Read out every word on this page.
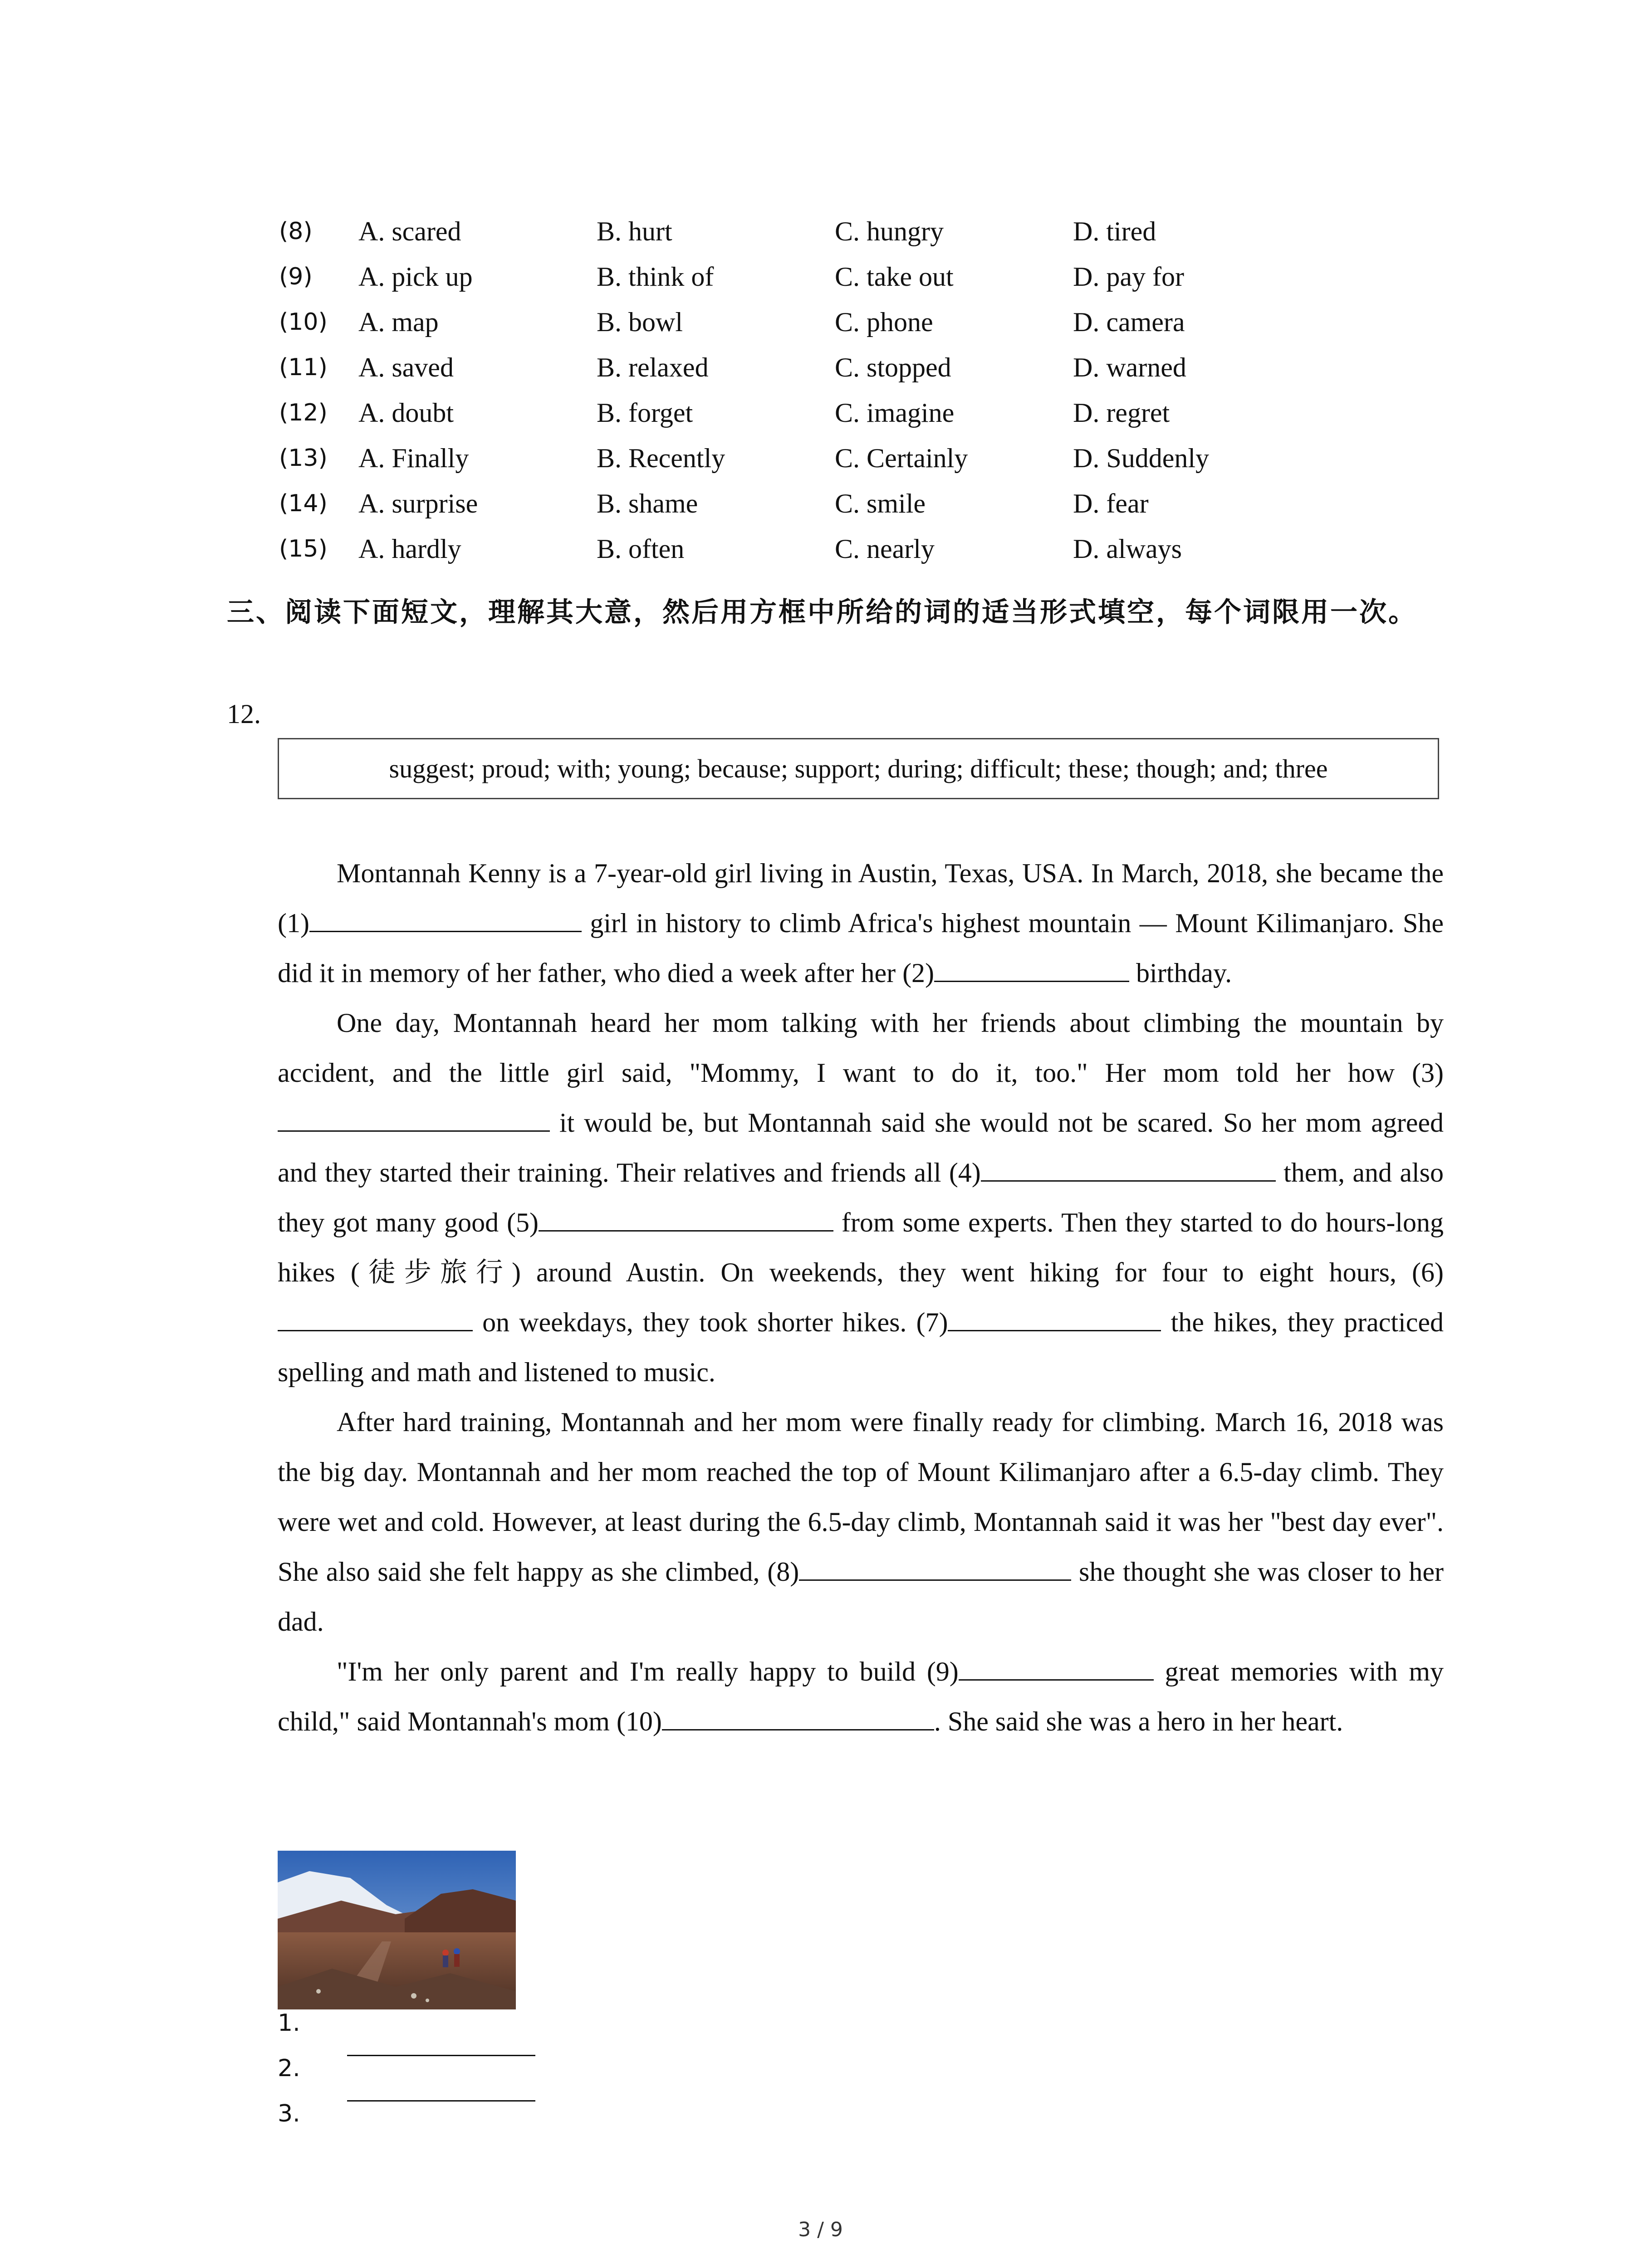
(8) A. scared	B. hurt	C. hungry	D. tired
(9) A. pick up	B. think of	C. take out	D. pay for
(10) A. map	B. bowl	C. phone	D. camera
(11) A. saved	B. relaxed	C. stopped	D. warned
(12) A. doubt	B. forget	C. imagine	D. regret
(13) A. Finally	B. Recently	C. Certainly	D. Suddenly
(14) A. surprise	B. shame	C. smile	D. fear
(15) A. hardly	B. often	C. nearly	D. always
三、阅读下面短文，理解其大意，然后用方框中所给的词的适当形式填空，每个词限用一次。
12.
suggest; proud; with; young; because; support; during; difficult; these; though; and; three

Montannah Kenny is a 7-year-old girl living in Austin, Texas, USA. In March, 2018, she became the (1)	girl in history to climb Africa's highest mountain — Mount Kilimanjaro. She did it in memory of her father, who died a week after her (2)	birthday.

One day, Montannah heard her mom talking with her friends about climbing the mountain by accident, and the little girl said, "Mommy, I want to do it, too." Her mom told her how (3) it would be, but Montannah said she would not be scared. So her mom agreed and they started their training. Their relatives and friends all (4)	them, and also they got many good (5)	from some experts. Then they started to do hours-long hikes (徒步旅行) around Austin. On weekends, they went hiking for four to eight hours, (6) on weekdays, they took shorter hikes. (7)	the hikes, they practiced spelling and math and listened to music.

After hard training, Montannah and her mom were finally ready for climbing. March 16, 2018 was the big day. Montannah and her mom reached the top of Mount Kilimanjaro after a 6.5-day climb. They were wet and cold. However, at least during the 6.5-day climb, Montannah said it was her "best day ever". She also said she felt happy as she climbed, (8)	she thought she was closer to her dad.

"I'm her only parent and I'm really happy to build (9)	great memories with my child," said Montannah's mom (10)	. She said she was a hero in her heart.

1.
2.
3.
3 / 9
